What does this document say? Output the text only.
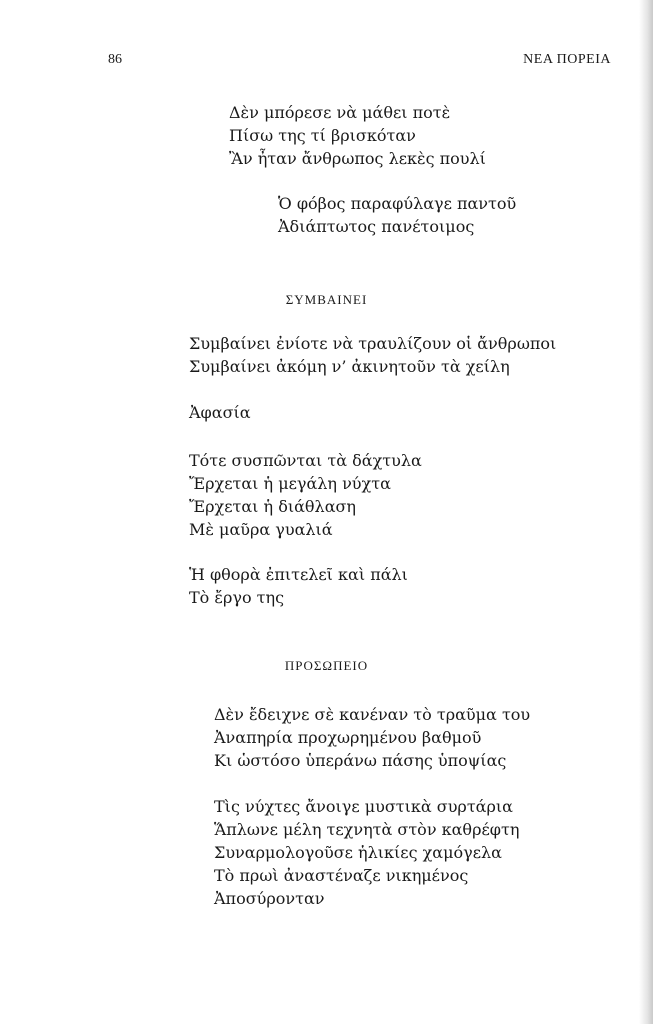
86	ΝΕΑ ΠΟΡΕΙΑ
Δὲν μπόρεσε νὰ μάθει ποτὲ
Πίσω της τί βρισκόταν
Ἂν ἦταν ἄνθρωπος λεκὲς πουλί
Ὁ φόβος παραφύλαγε παντοῦ
Ἀδιάπτωτος πανέτοιμος
ΣΥΜΒΑΙΝΕΙ
Συμβαίνει ἐνίοτε νὰ τραυλίζουν οἱ ἄνθρωποι
Συμβαίνει ἀκόμη ν’ ἀκινητοῦν τὰ χείλη
Ἀφασία
Τότε συσπῶνται τὰ δάχτυλα
Ἔρχεται ἡ μεγάλη νύχτα
Ἔρχεται ἡ διάθλαση
Μὲ μαῦρα γυαλιά
Ἡ φθορὰ ἐπιτελεῖ καὶ πάλι
Τὸ ἔργο της
ΠΡΟΣΩΠΕΙΟ
Δὲν ἔδειχνε σὲ κανέναν τὸ τραῦμα του
Ἀναπηρία προχωρημένου βαθμοῦ
Κι ὡστόσο ὑπεράνω πάσης ὑποψίας
Τὶς νύχτες ἄνοιγε μυστικὰ συρτάρια
Ἅπλωνε μέλη τεχνητὰ στὸν καθρέφτη
Συναρμολογοῦσε ἡλικίες χαμόγελα
Τὸ πρωὶ ἀναστέναζε νικημένος
Ἀποσύρονταν
